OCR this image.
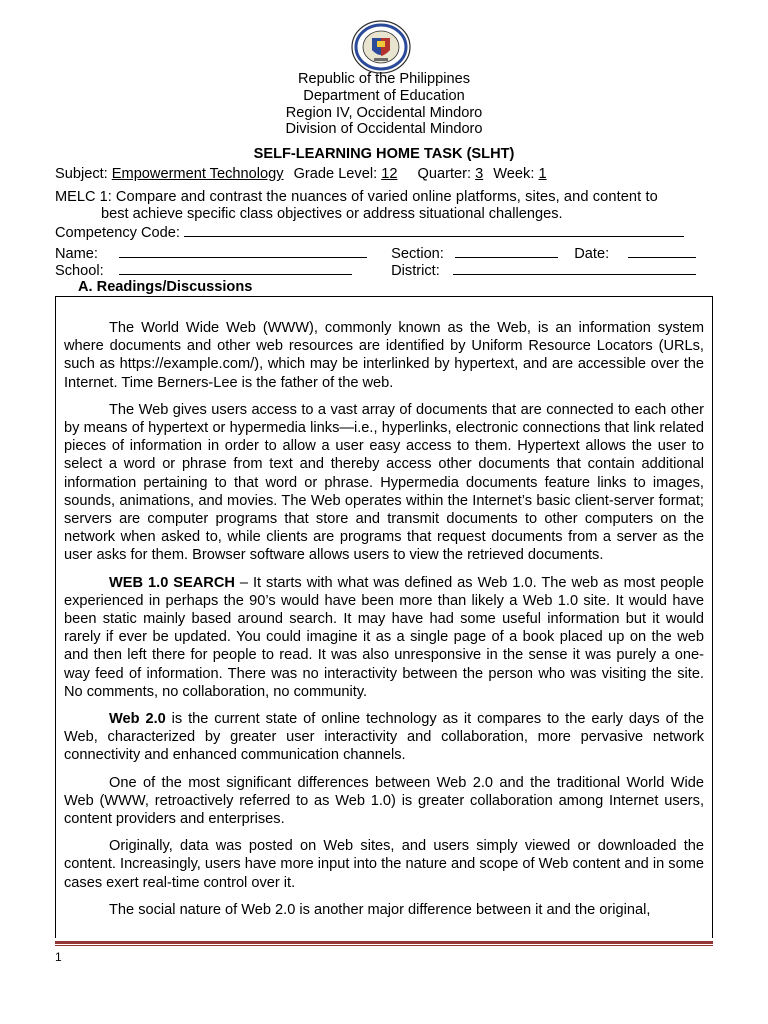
Republic of the Philippines
Department of Education
Region IV, Occidental Mindoro
Division of Occidental Mindoro
SELF-LEARNING HOME TASK (SLHT)
Subject: Empowerment Technology Grade Level: 12 Quarter: 3 Week: 1
MELC 1: Compare and contrast the nuances of varied online platforms, sites, and content to
best achieve specific class objectives or address situational challenges.
Competency Code:
Name:	Section:	Date:
School:	District:
A. Readings/Discussions

The World Wide Web (WWW), commonly known as the Web, is an information system where documents and other web resources are identified by Uniform Resource Locators (URLs, such as https://example.com/), which may be interlinked by hypertext, and are accessible over the Internet. Time Berners-Lee is the father of the web.

The Web gives users access to a vast array of documents that are connected to each other by means of hypertext or hypermedia links—i.e., hyperlinks, electronic connections that link related pieces of information in order to allow a user easy access to them. Hypertext allows the user to select a word or phrase from text and thereby access other documents that contain additional information pertaining to that word or phrase. Hypermedia documents feature links to images, sounds, animations, and movies. The Web operates within the Internet’s basic client-server format; servers are computer programs that store and transmit documents to other computers on the network when asked to, while clients are programs that request documents from a server as the user asks for them. Browser software allows users to view the retrieved documents.

WEB 1.0 SEARCH – It starts with what was defined as Web 1.0. The web as most people experienced in perhaps the 90’s would have been more than likely a Web 1.0 site. It would have been static mainly based around search. It may have had some useful information but it would rarely if ever be updated. You could imagine it as a single page of a book placed up on the web and then left there for people to read. It was also unresponsive in the sense it was purely a one-way feed of information. There was no interactivity between the person who was visiting the site. No comments, no collaboration, no community.

Web 2.0 is the current state of online technology as it compares to the early days of the Web, characterized by greater user interactivity and collaboration, more pervasive network connectivity and enhanced communication channels.

One of the most significant differences between Web 2.0 and the traditional World Wide Web (WWW, retroactively referred to as Web 1.0) is greater collaboration among Internet users, content providers and enterprises.

Originally, data was posted on Web sites, and users simply viewed or downloaded the content. Increasingly, users have more input into the nature and scope of Web content and in some cases exert real-time control over it.

The social nature of Web 2.0 is another major difference between it and the original,

1
